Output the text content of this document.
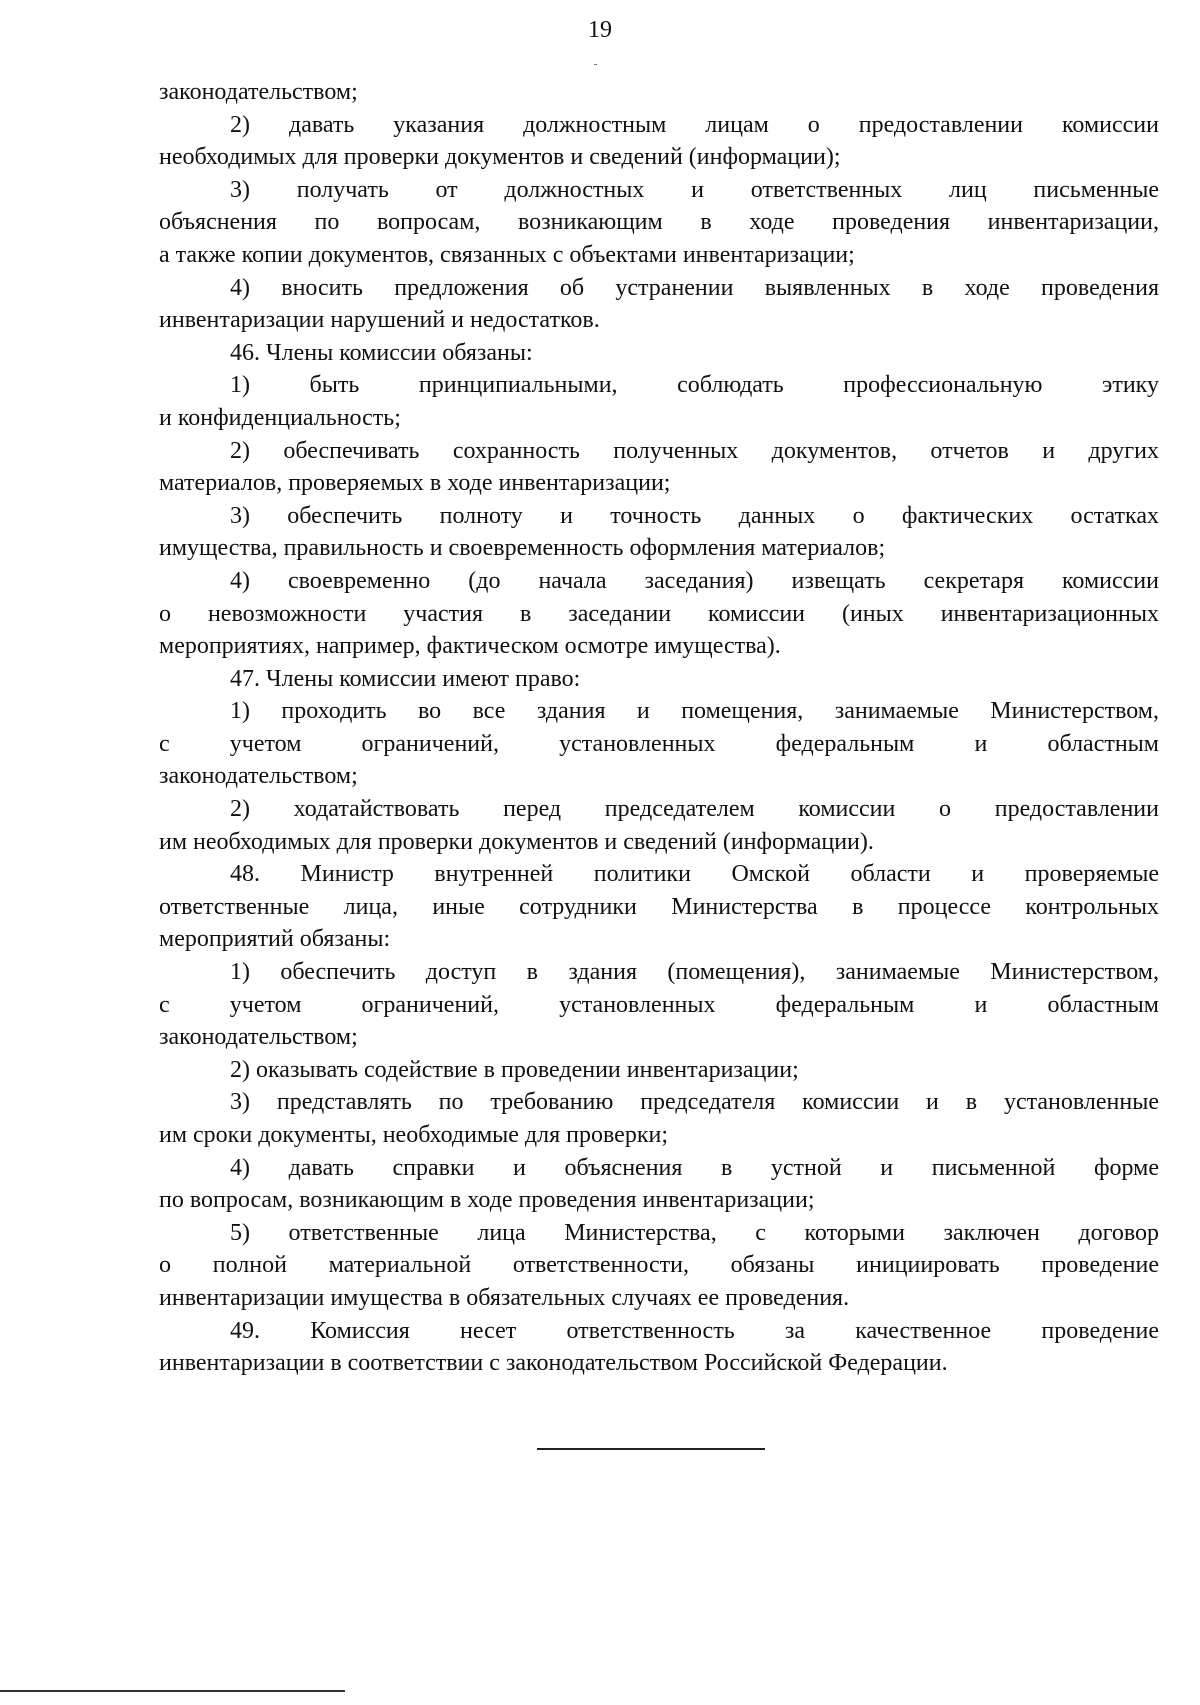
19
законодательством;
2) давать указания должностным лицам о предоставлении комиссии
необходимых для проверки документов и сведений (информации);
3) получать от должностных и ответственных лиц письменные
объяснения по вопросам, возникающим в ходе проведения инвентаризации,
а также копии документов, связанных с объектами инвентаризации;
4) вносить предложения об устранении выявленных в ходе проведения
инвентаризации нарушений и недостатков.
46. Члены комиссии обязаны:
1) быть принципиальными, соблюдать профессиональную этику
и конфиденциальность;
2) обеспечивать сохранность полученных документов, отчетов и других
материалов, проверяемых в ходе инвентаризации;
3) обеспечить полноту и точность данных о фактических остатках
имущества, правильность и своевременность оформления материалов;
4) своевременно (до начала заседания) извещать секретаря комиссии
о невозможности участия в заседании комиссии (иных инвентаризационных
мероприятиях, например, фактическом осмотре имущества).
47. Члены комиссии имеют право:
1) проходить во все здания и помещения, занимаемые Министерством,
с учетом ограничений, установленных федеральным и областным
законодательством;
2) ходатайствовать перед председателем комиссии о предоставлении
им необходимых для проверки документов и сведений (информации).
48. Министр внутренней политики Омской области и проверяемые
ответственные лица, иные сотрудники Министерства в процессе контрольных
мероприятий обязаны:
1) обеспечить доступ в здания (помещения), занимаемые Министерством,
с учетом ограничений, установленных федеральным и областным
законодательством;
2) оказывать содействие в проведении инвентаризации;
3) представлять по требованию председателя комиссии и в установленные
им сроки документы, необходимые для проверки;
4) давать справки и объяснения в устной и письменной форме
по вопросам, возникающим в ходе проведения инвентаризации;
5) ответственные лица Министерства, с которыми заключен договор
о полной материальной ответственности, обязаны инициировать проведение
инвентаризации имущества в обязательных случаях ее проведения.
49. Комиссия несет ответственность за качественное проведение
инвентаризации в соответствии с законодательством Российской Федерации.
